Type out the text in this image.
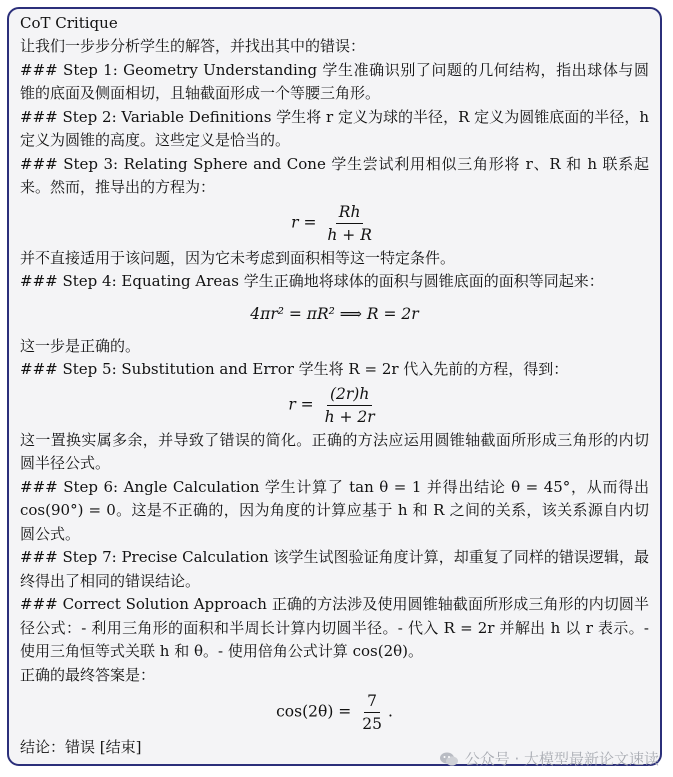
CoT Critique

让我们一步步分析学生的解答，并找出其中的错误：

### Step 1: Geometry Understanding 学生准确识别了问题的几何结构，指出球体与圆锥的底面及侧面相切，且轴截面形成一个等腰三角形。

### Step 2: Variable Definitions 学生将 r 定义为球的半径，R 定义为圆锥底面的半径，h 定义为圆锥的高度。这些定义是恰当的。

### Step 3: Relating Sphere and Cone 学生尝试利用相似三角形将 r、R 和 h 联系起来。然而，推导出的方程为：

$r = \frac{Rh}{h + R}$

并不直接适用于该问题，因为它未考虑到面积相等这一特定条件。

### Step 4: Equating Areas 学生正确地将球体的面积与圆锥底面的面积等同起来：

4πr² = πR² ⟹ R = 2r

这一步是正确的。

### Step 5: Substitution and Error 学生将 R = 2r 代入先前的方程，得到：

$r = \frac{(2r)h}{h + 2r}$

这一置换实属多余，并导致了错误的简化。正确的方法应运用圆锥轴截面所形成三角形的内切圆半径公式。

### Step 6: Angle Calculation 学生计算了 tan θ = 1 并得出结论 θ = 45°，从而得出 cos(90°) = 0。这是不正确的，因为角度的计算应基于 h 和 R 之间的关系，该关系源自内切圆公式。

### Step 7: Precise Calculation 该学生试图验证角度计算，却重复了同样的错误逻辑，最终得出了相同的错误结论。

### Correct Solution Approach 正确的方法涉及使用圆锥轴截面所形成三角形的内切圆半径公式：- 利用三角形的面积和半周长计算内切圆半径。- 代入 R = 2r 并解出 h 以 r 表示。- 使用三角恒等式关联 h 和 θ。- 使用倍角公式计算 cos(2θ)。

正确的最终答案是：

$\cos(2\theta) = \frac{7}{25}$ .

结论：错误 [结束]

公众号 · 大模型最新论文速读
